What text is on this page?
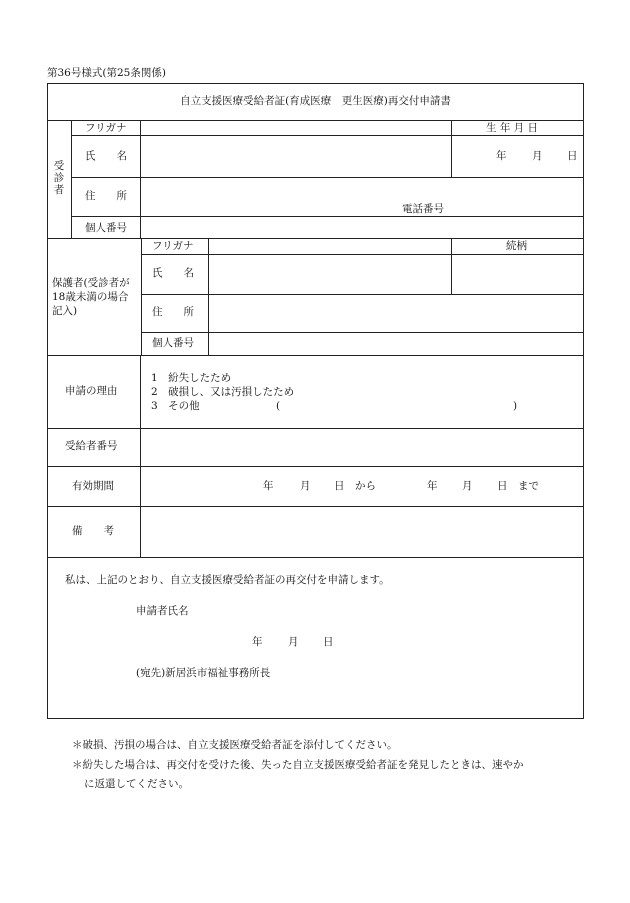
第36号様式(第25条関係)
自立支援医療受給者証(育成医療　更生医療)再交付申請書
受診者
フリガナ	生 年 月 日
氏　　名	年 月 日
住　　所
電話番号
個人番号
保護者(受診者が18歳未満の場合記入)
フリガナ	続柄
氏　　名
住　　所
個人番号
申請の理由
1　紛失したため
2　破損し、又は汚損したため
3　その他	(	)
受給者番号
有効期間	年	月 日　から	年 月 日　まで
備　　考
私は、上記のとおり、自立支援医療受給者証の再交付を申請します。
申請者氏名
年 月 日
(宛先)新居浜市福祉事務所長
＊破損、汚損の場合は、自立支援医療受給者証を添付してください。
＊紛失した場合は、再交付を受けた後、失った自立支援医療受給者証を発見したときは、速やか
に返還してください。
